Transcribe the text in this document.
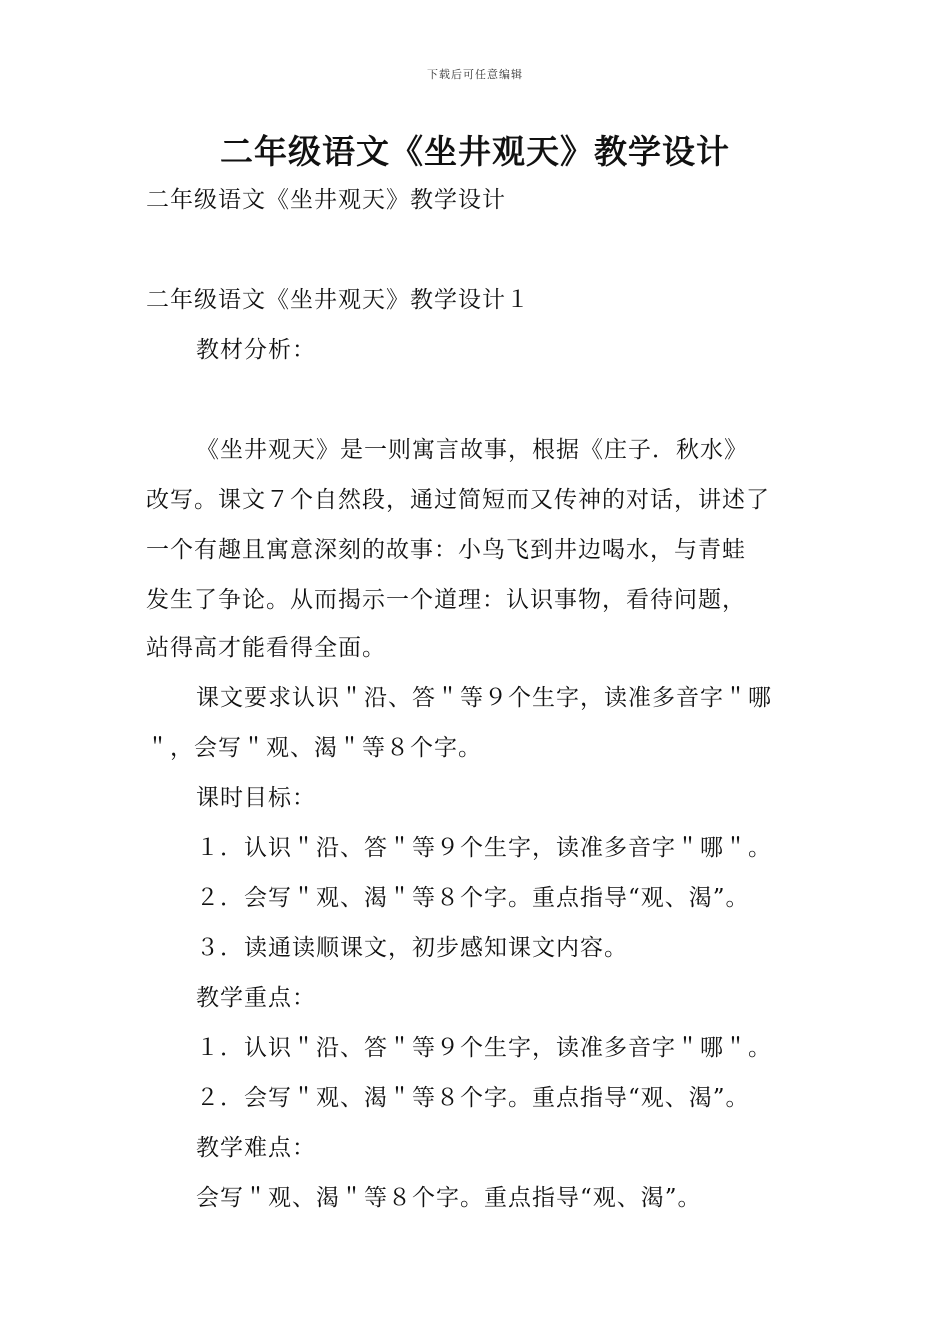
下载后可任意编辑
二年级语文《坐井观天》教学设计

二年级语文《坐井观天》教学设计

二年级语文《坐井观天》教学设计１

教材分析：

《坐井观天》是一则寓言故事，根据《庄子．秋水》

改写。课文７个自然段，通过简短而又传神的对话，讲述了

一个有趣且寓意深刻的故事：小鸟飞到井边喝水，与青蛙

发生了争论。从而揭示一个道理：认识事物，看待问题，

站得高才能看得全面。

课文要求认识＂沿、答＂等９个生字，读准多音字＂哪

＂，会写＂观、渴＂等８个字。

课时目标：

１．认识＂沿、答＂等９个生字，读准多音字＂哪＂。

２．会写＂观、渴＂等８个字。重点指导“观、渴”。

３．读通读顺课文，初步感知课文内容。

教学重点：

１．认识＂沿、答＂等９个生字，读准多音字＂哪＂。

２．会写＂观、渴＂等８个字。重点指导“观、渴”。

教学难点：

会写＂观、渴＂等８个字。重点指导“观、渴”。
